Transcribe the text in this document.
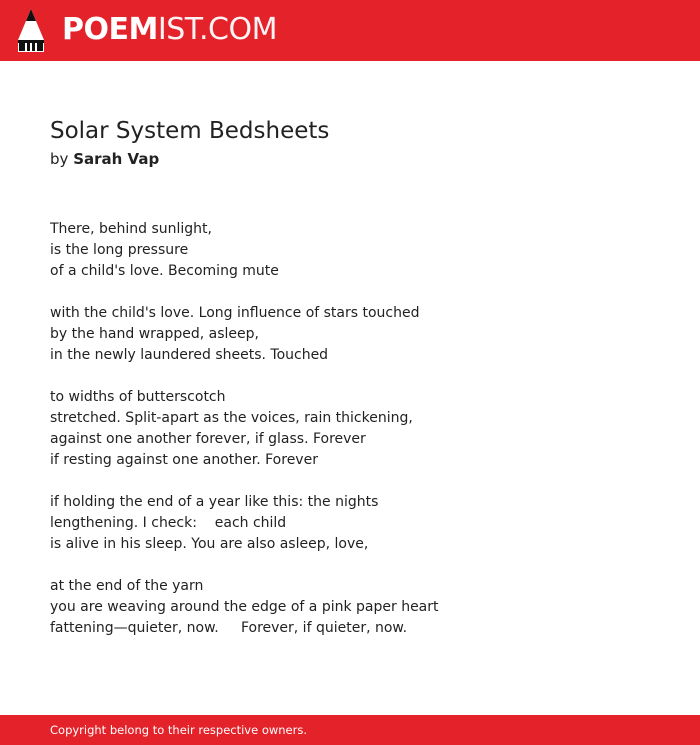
POEMIST.COM
Solar System Bedsheets
by Sarah Vap

There, behind sunlight,
is the long pressure
of a child's love. Becoming mute

with the child's love. Long influence of stars touched
by the hand wrapped, asleep,
in the newly laundered sheets. Touched

to widths of butterscotch
stretched. Split-apart as the voices, rain thickening,
against one another forever, if glass. Forever
if resting against one another. Forever

if holding the end of a year like this: the nights
lengthening. I check:    each child
is alive in his sleep. You are also asleep, love,

at the end of the yarn
you are weaving around the edge of a pink paper heart
fattening—quieter, now.     Forever, if quieter, now.

Copyright belong to their respective owners.
